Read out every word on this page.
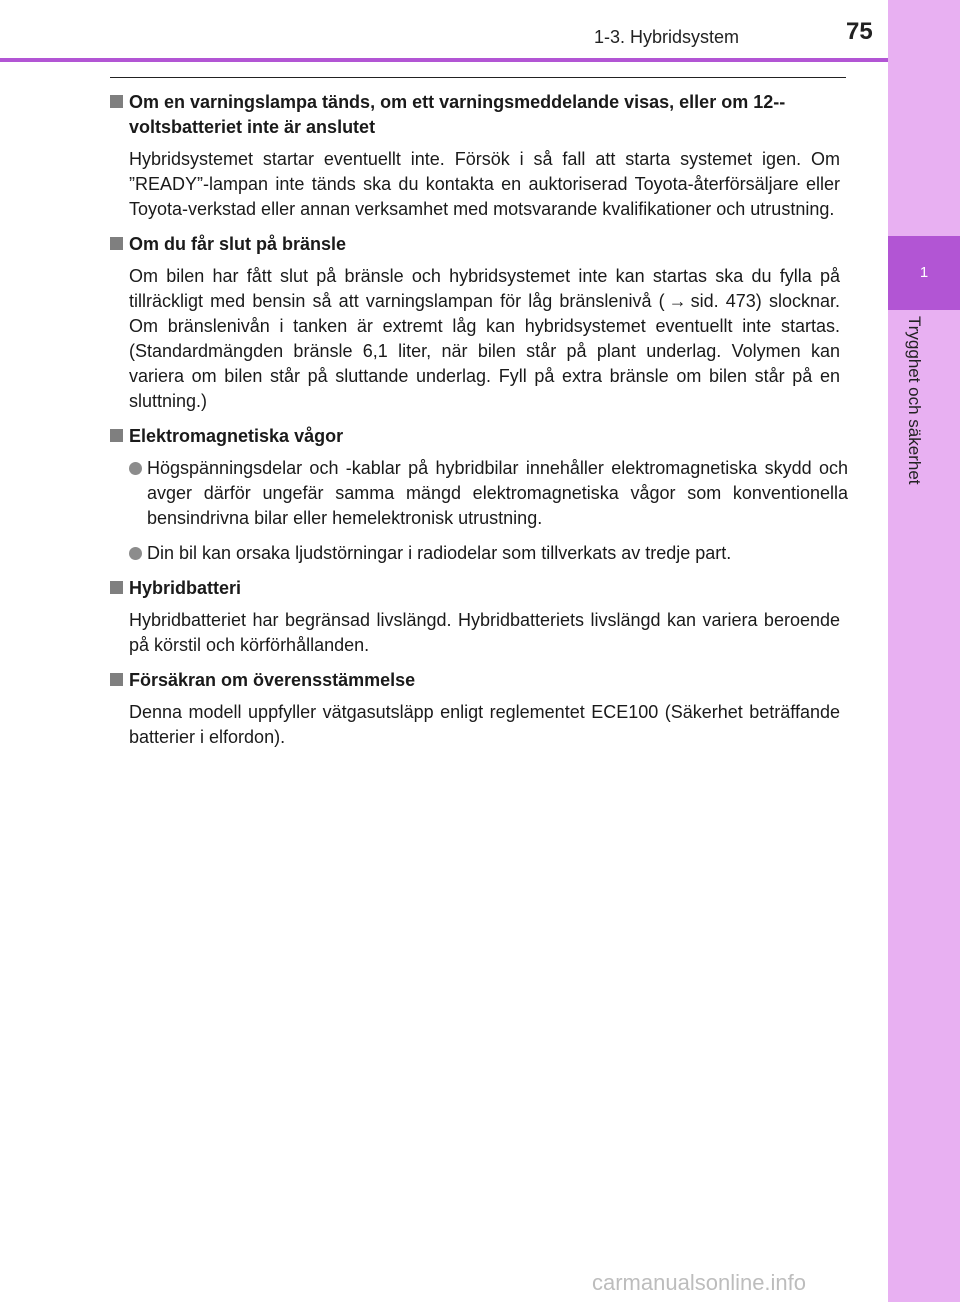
1
Trygghet och säkerhet
1-3. Hybridsystem	75
Om en varningslampa tänds, om ett varningsmeddelande visas, eller om 12--voltsbatteriet inte är anslutet
Hybridsystemet startar eventuellt inte. Försök i så fall att starta systemet igen. Om ”READY”-lampan inte tänds ska du kontakta en auktoriserad Toyota-återförsäljare eller Toyota-verkstad eller annan verksamhet med motsvarande kvalifikationer och utrustning.
Om du får slut på bränsle
Om bilen har fått slut på bränsle och hybridsystemet inte kan startas ska du fylla på tillräckligt med bensin så att varningslampan för låg bränslenivå ( → sid. 473) slocknar. Om bränslenivån i tanken är extremt låg kan hybridsystemet eventuellt inte startas. (Standardmängden bränsle 6,1 liter, när bilen står på plant underlag. Volymen kan variera om bilen står på sluttande underlag. Fyll på extra bränsle om bilen står på en sluttning.)
Elektromagnetiska vågor
Högspänningsdelar och -kablar på hybridbilar innehåller elektromagnetiska skydd och avger därför ungefär samma mängd elektromagnetiska vågor som konventionella bensindrivna bilar eller hemelektronisk utrustning.
Din bil kan orsaka ljudstörningar i radiodelar som tillverkats av tredje part.
Hybridbatteri
Hybridbatteriet har begränsad livslängd. Hybridbatteriets livslängd kan variera beroende på körstil och körförhållanden.
Försäkran om överensstämmelse
Denna modell uppfyller vätgasutsläpp enligt reglementet ECE100 (Säkerhet beträffande batterier i elfordon).
carmanualsonline.info
